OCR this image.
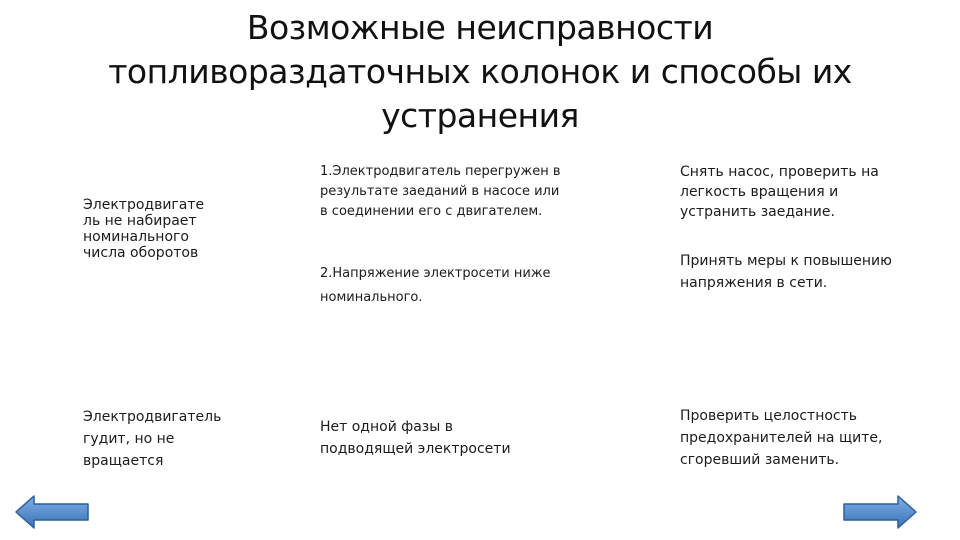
Возможные неисправности
топливораздаточных колонок и способы их
устранения
Электродвигате
ль не набирает
номинального
числа оборотов
1.Электродвигатель перегружен в
результате заеданий в насосе или
в соединении его с двигателем.
Снять насос, проверить на
легкость вращения и
устранить заедание.
2.Напряжение электросети ниже
номинального.
Принять меры к повышению
напряжения в сети.
Электродвигатель
гудит, но не
вращается
Нет одной фазы в
подводящей электросети
Проверить целостность
предохранителей на щите,
сгоревший заменить.
